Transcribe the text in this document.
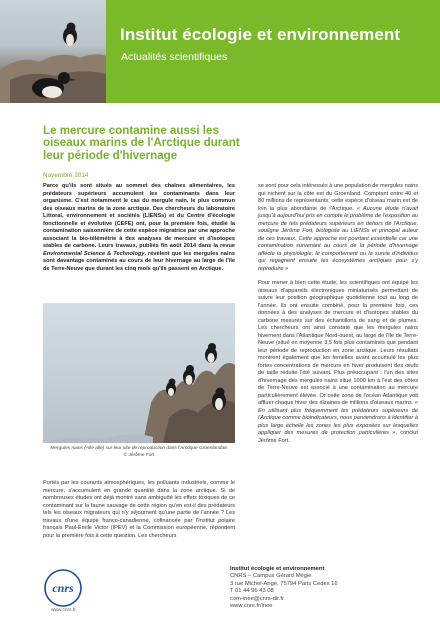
Institut écologie et environnement
Actualités scientifiques
Le mercure contamine aussi les oiseaux marins de l'Arctique durant leur période d'hivernage
Novembre 2014
Parce qu'ils sont situés au sommet des chaînes alimentaires, les prédateurs supérieurs accumulent les contaminants dans leur organisme. C'est notamment le cas du mergule nain, le plus commun des oiseaux marins de la zone arctique. Des chercheurs du laboratoire Littoral, environnement et sociétés (LIENSs) et du Centre d'écologie fonctionnelle et évolutive (CEFE) ont, pour la première fois, étudié la contamination saisonnière de cette espèce migratrice par une approche associant la bio-télémétrie à des analyses de mercure et d'isotopes stables de carbone. Leurs travaux, publiés fin août 2014 dans la revue Environmental Science & Technology, révèlent que les mergules nains sont davantage contaminés au cours de leur hivernage au large de l'île de Terre-Neuve que durant les cinq mois qu'ils passent en Arctique.
Mergules nains (Alle alle) sur leur site de reproduction dans l'Arctique Groenlandais
© Jérôme Fort
Portés par les courants atmosphériques, les polluants industriels, comme le mercure, s'accumulent en grande quantité dans la zone arctique. Si de nombreuses études ont déjà montré sans ambiguïté les effets toxiques de ce contaminant sur la faune sauvage de cette région qu'en est-il des prédateurs tels les oiseaux migrateurs qui n'y séjournent qu'une partie de l'année ? Les travaux d'une équipe franco-canadienne, cofinancée par l'Institut polaire français Paul-Émile Victor (IPEV) et la Commission européenne, répondent pour la première fois à cette question. Les chercheurs

se sont pour cela intéressés à une population de mergules nains qui nichent sur la côte est du Groenland. Comptant entre 40 et 80 millions de représentants, cette espèce d'oiseau marin est de loin la plus abondante de l'Arctique. « Aucune étude n'avait jusqu'à aujourd'hui pris en compte le problème de l'exposition au mercure de tels prédateurs supérieurs en dehors de l'Arctique, souligne Jérôme Fort, biologiste au LIENSs et principal auteur de ces travaux. Cette approche est pourtant essentielle car une contamination survenant au cours de la période d'hivernage affecte la physiologie, le comportement ou la survie d'individus qui regagnent ensuite les écosystèmes arctiques pour s'y reproduire »

Pour mener à bien cette étude, les scientifiques ont équipé les oiseaux d'appareils électroniques miniaturisés permettant de suivre leur position géographique quotidienne tout au long de l'année. Ils ont ensuite combiné, pour la première fois, ces données à des analyses de mercure et d'isotopes stables du carbone mesurés sur des échantillons de sang et de plumes. Les chercheurs ont ainsi constaté que les mergules nains hivernent dans l'Atlantique Nord-ouest, au large de l'île de Terre-Neuve (situé en moyenne 3,5 fois plus contaminés que pendant leur période de reproduction en zone arctique. Leurs résultats montrent également que les femelles avant accumulé les plus fortes concentrations de mercure en hiver produisent des œufs de taille réduite l'été suivant. Plus préoccupant : l'un des sites d'hivernage des mergules nains situé 1000 km à l'est des côtes de Terre-Neuve est associé à une contamination au mercure particulièrement élevée. Or cette zone de l'océan Atlantique voit affluer chaque hiver des dizaines de millions d'oiseaux marins. « En utilisant plus fréquemment les prédateurs supérieurs de l'Arctique comme bioindicateurs, nous parviendrons à identifier à plus large échelle les zones les plus exposées sur lesquelles appliquer des mesures de protection particulières », conclut Jérôme Fort.

cnrs
www.cnrs.fr
Institut écologie et environnement
CNRS – Campus Gérard Mégie
3 rue Michel-Ange, 75794 Paris Cedex 16
T 01 44 96 43 08
com-inee@cnrs-dir.fr
www.cnrs.fr/inee
